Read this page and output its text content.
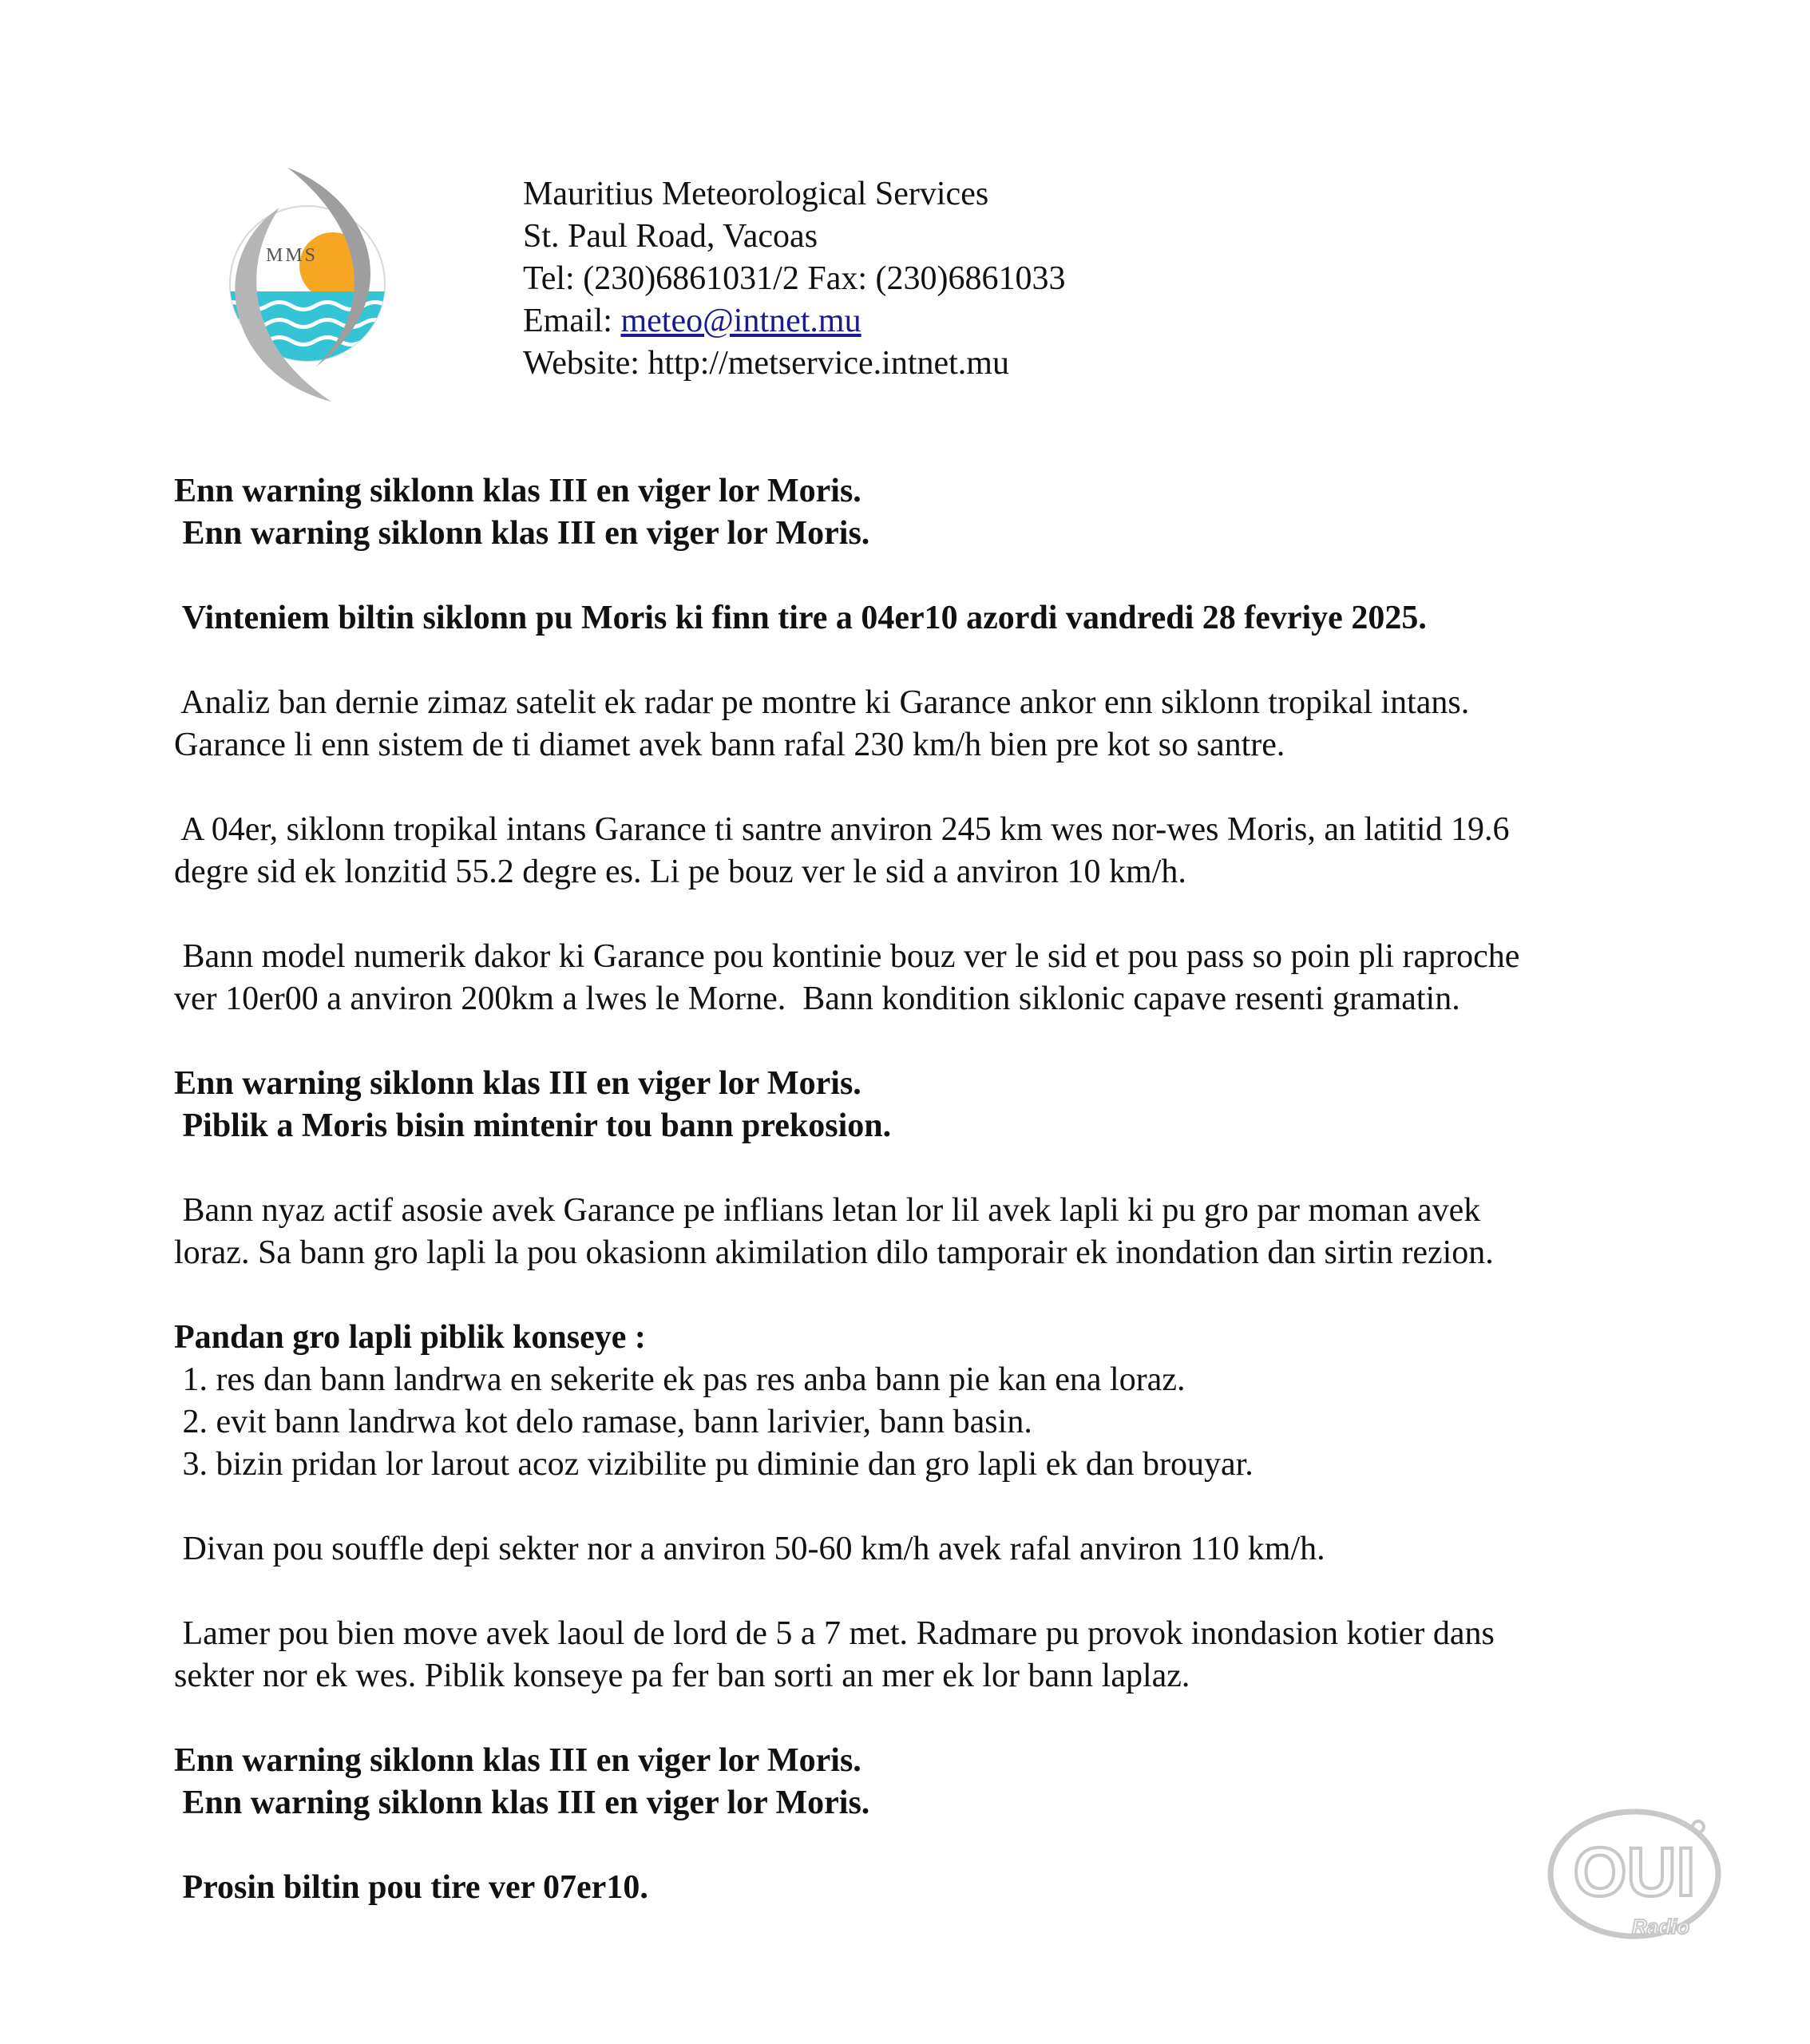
MMS
Mauritius Meteorological Services
St. Paul Road, Vacoas
Tel: (230)6861031/2 Fax: (230)6861033
Email: meteo@intnet.mu
Website: http://metservice.intnet.mu
Enn warning siklonn klas III en viger lor Moris.
Enn warning siklonn klas III en viger lor Moris.
Vinteniem biltin siklonn pu Moris ki finn tire a 04er10 azordi vandredi 28 fevriye 2025.
Analiz ban dernie zimaz satelit ek radar pe montre ki Garance ankor enn siklonn tropikal intans.
Garance li enn sistem de ti diamet avek bann rafal 230 km/h bien pre kot so santre.
A 04er, siklonn tropikal intans Garance ti santre anviron 245 km wes nor-wes Moris, an latitid 19.6
degre sid ek lonzitid 55.2 degre es. Li pe bouz ver le sid a anviron 10 km/h.
Bann model numerik dakor ki Garance pou kontinie bouz ver le sid et pou pass so poin pli raproche
ver 10er00 a anviron 200km a lwes le Morne.  Bann kondition siklonic capave resenti gramatin.
Enn warning siklonn klas III en viger lor Moris.
Piblik a Moris bisin mintenir tou bann prekosion.
Bann nyaz actif asosie avek Garance pe inflians letan lor lil avek lapli ki pu gro par moman avek
loraz. Sa bann gro lapli la pou okasionn akimilation dilo tamporair ek inondation dan sirtin rezion.
Pandan gro lapli piblik konseye :
1. res dan bann landrwa en sekerite ek pas res anba bann pie kan ena loraz.
2. evit bann landrwa kot delo ramase, bann larivier, bann basin.
3. bizin pridan lor larout acoz vizibilite pu diminie dan gro lapli ek dan brouyar.
Divan pou souffle depi sekter nor a anviron 50-60 km/h avek rafal anviron 110 km/h.
Lamer pou bien move avek laoul de lord de 5 a 7 met. Radmare pu provok inondasion kotier dans
sekter nor ek wes. Piblik konseye pa fer ban sorti an mer ek lor bann laplaz.
Enn warning siklonn klas III en viger lor Moris.
Enn warning siklonn klas III en viger lor Moris.
Prosin biltin pou tire ver 07er10.	OUI
Radio
